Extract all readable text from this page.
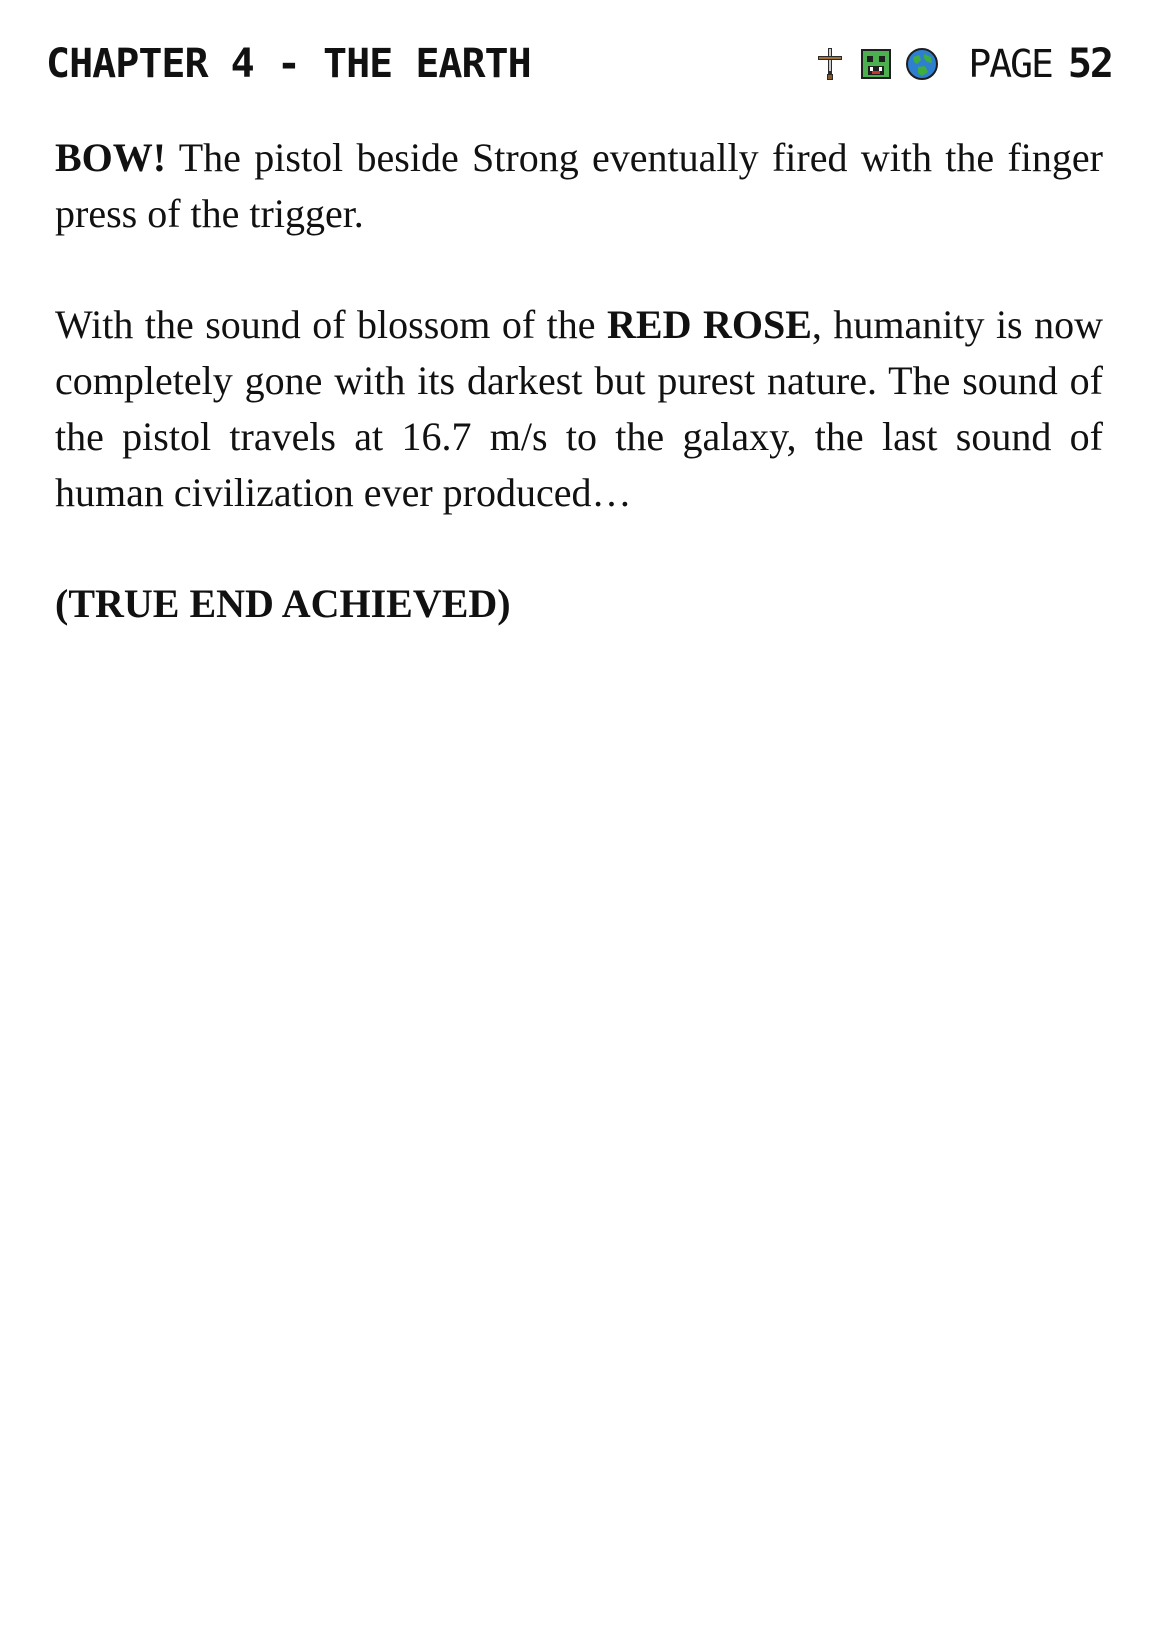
CHAPTER 4 - THE EARTH	PAGE 52

BOW! The pistol beside Strong eventually fired with the finger press of the trigger.

With the sound of blossom of the RED ROSE, humanity is now completely gone with its darkest but purest nature. The sound of the pistol travels at 16.7 m/s to the galaxy, the last sound of human civilization ever produced…

(TRUE END ACHIEVED)
